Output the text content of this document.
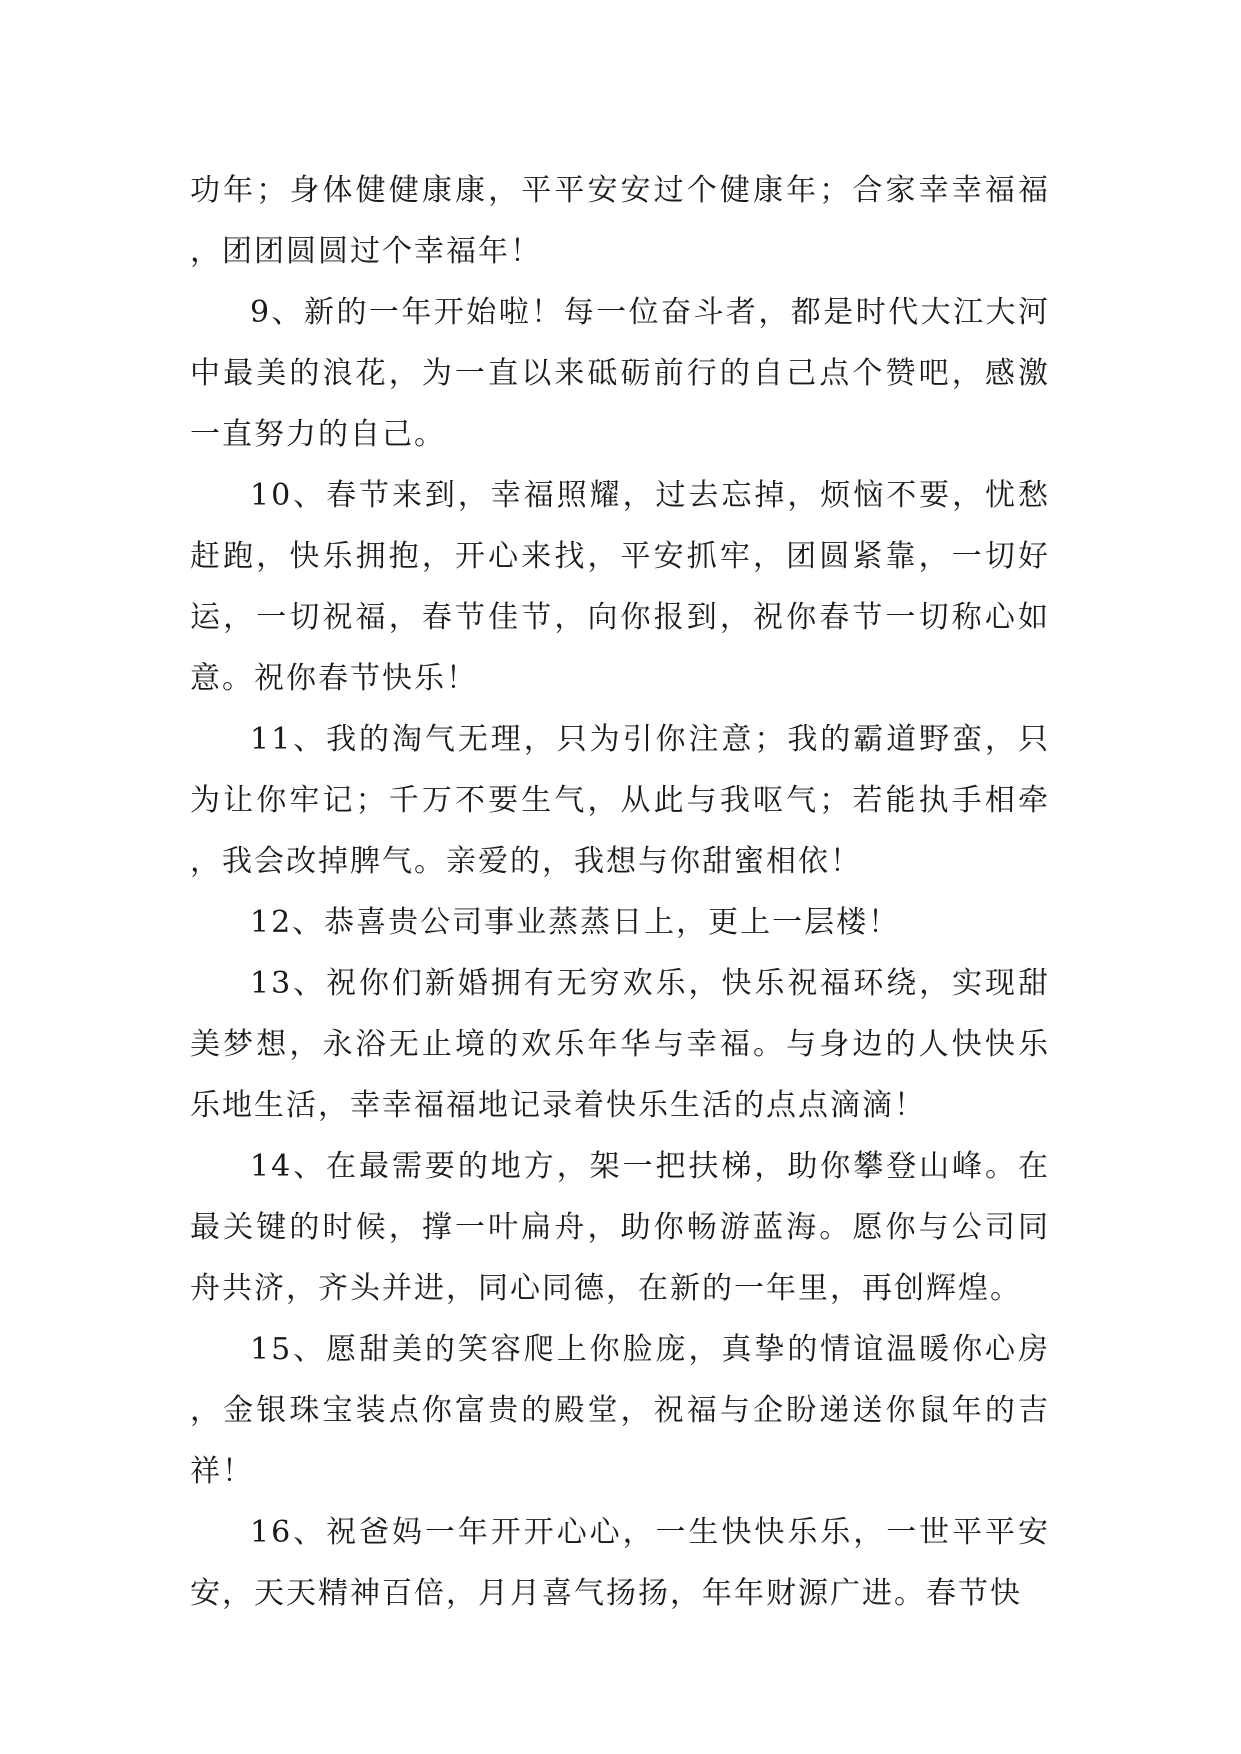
功年；身体健健康康，平平安安过个健康年；合家幸幸福福，团团圆圆过个幸福年！

9、新的一年开始啦！每一位奋斗者，都是时代大江大河中最美的浪花，为一直以来砥砺前行的自己点个赞吧，感激一直努力的自己。

10、春节来到，幸福照耀，过去忘掉，烦恼不要，忧愁赶跑，快乐拥抱，开心来找，平安抓牢，团圆紧靠，一切好运，一切祝福，春节佳节，向你报到，祝你春节一切称心如意。祝你春节快乐！

11、我的淘气无理，只为引你注意；我的霸道野蛮，只为让你牢记；千万不要生气，从此与我呕气；若能执手相牵，我会改掉脾气。亲爱的，我想与你甜蜜相依！

12、恭喜贵公司事业蒸蒸日上，更上一层楼！

13、祝你们新婚拥有无穷欢乐，快乐祝福环绕，实现甜美梦想，永浴无止境的欢乐年华与幸福。与身边的人快快乐乐地生活，幸幸福福地记录着快乐生活的点点滴滴！

14、在最需要的地方，架一把扶梯，助你攀登山峰。在最关键的时候，撑一叶扁舟，助你畅游蓝海。愿你与公司同舟共济，齐头并进，同心同德，在新的一年里，再创辉煌。

15、愿甜美的笑容爬上你脸庞，真挚的情谊温暖你心房，金银珠宝装点你富贵的殿堂，祝福与企盼递送你鼠年的吉祥！

16、祝爸妈一年开开心心，一生快快乐乐，一世平平安安，天天精神百倍，月月喜气扬扬，年年财源广进。春节快
